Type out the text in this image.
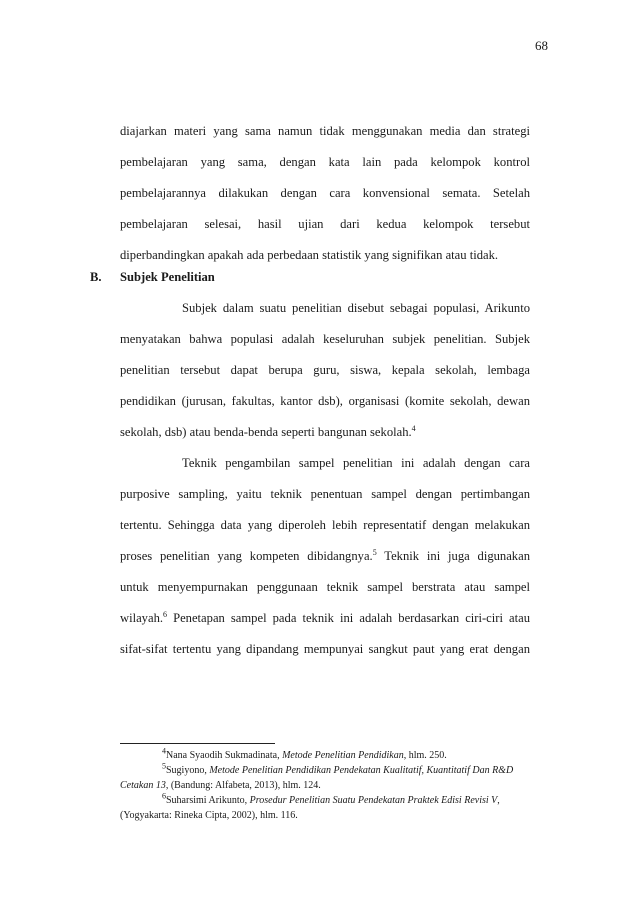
68
diajarkan materi yang sama namun tidak menggunakan media dan strategi
pembelajaran yang sama, dengan kata lain pada kelompok kontrol
pembelajarannya dilakukan dengan cara konvensional semata. Setelah
pembelajaran selesai, hasil ujian dari kedua kelompok tersebut
diperbandingkan apakah ada perbedaan statistik yang signifikan atau tidak.
B. Subjek Penelitian
Subjek dalam suatu penelitian disebut sebagai populasi, Arikunto
menyatakan bahwa populasi adalah keseluruhan subjek penelitian. Subjek
penelitian tersebut dapat berupa guru, siswa, kepala sekolah, lembaga
pendidikan (jurusan, fakultas, kantor dsb), organisasi (komite sekolah, dewan
sekolah, dsb) atau benda-benda seperti bangunan sekolah.$^4$
Teknik pengambilan sampel penelitian ini adalah dengan cara
purposive sampling, yaitu teknik penentuan sampel dengan pertimbangan
tertentu. Sehingga data yang diperoleh lebih representatif dengan melakukan
proses penelitian yang kompeten dibidangnya.$^5$ Teknik ini juga digunakan
untuk menyempurnakan penggunaan teknik sampel berstrata atau sampel
wilayah.$^6$ Penetapan sampel pada teknik ini adalah berdasarkan ciri-ciri atau
sifat-sifat tertentu yang dipandang mempunyai sangkut paut yang erat dengan
$^4$Nana Syaodih Sukmadinata, Metode Penelitian Pendidikan, hlm. 250.
$^5$Sugiyono, Metode Penelitian Pendidikan Pendekatan Kualitatif, Kuantitatif Dan R&D
Cetakan 13, (Bandung: Alfabeta, 2013), hlm. 124.
$^6$Suharsimi Arikunto, Prosedur Penelitian Suatu Pendekatan Praktek Edisi Revisi V,
(Yogyakarta: Rineka Cipta, 2002), hlm. 116.
